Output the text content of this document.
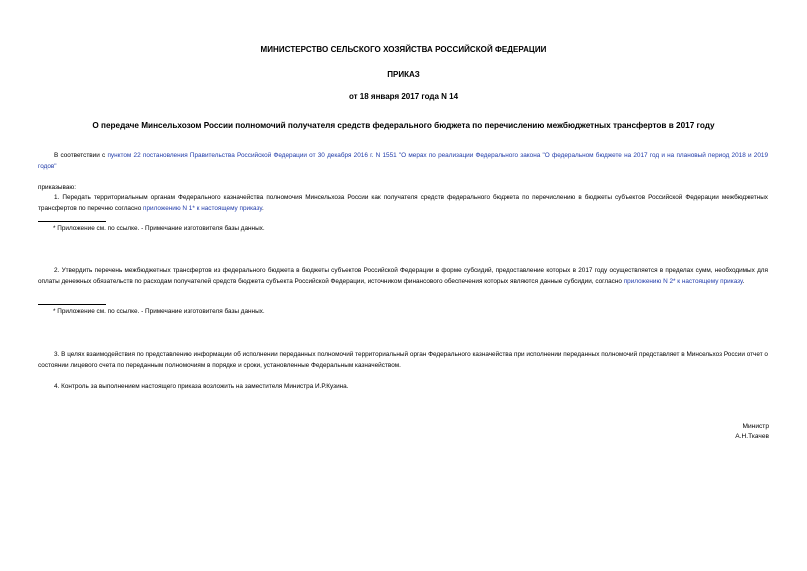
МИНИСТЕРСТВО СЕЛЬСКОГО ХОЗЯЙСТВА РОССИЙСКОЙ ФЕДЕРАЦИИ
ПРИКАЗ
от 18 января 2017 года N 14
О передаче Минсельхозом России полномочий получателя средств федерального бюджета по перечислению межбюджетных трансфертов в 2017 году
В соответствии с пунктом 22 постановления Правительства Российской Федерации от 30 декабря 2016 г. N 1551 "О мерах по реализации Федерального закона "О федеральном бюджете на 2017 год и на плановый период 2018 и 2019 годов"
приказываю:
1. Передать территориальным органам Федерального казначейства полномочия Минсельхоза России как получателя средств федерального бюджета по перечислению в бюджеты субъектов Российской Федерации межбюджетных трансфертов по перечню согласно приложению N 1* к настоящему приказу.
* Приложение см. по ссылке. - Примечание изготовителя базы данных.
2. Утвердить перечень межбюджетных трансфертов из федерального бюджета в бюджеты субъектов Российской Федерации в форме субсидий, предоставление которых в 2017 году осуществляется в пределах сумм, необходимых для оплаты денежных обязательств по расходам получателей средств бюджета субъекта Российской Федерации, источником финансового обеспечения которых являются данные субсидии, согласно приложению N 2* к настоящему приказу.
* Приложение см. по ссылке. - Примечание изготовителя базы данных.
3. В целях взаимодействия по представлению информации об исполнении переданных полномочий территориальный орган Федерального казначейства при исполнении переданных полномочий представляет в Минсельхоз России отчет о состоянии лицевого счета по переданным полномочиям в порядке и сроки, установленные Федеральным казначейством.
4. Контроль за выполнением настоящего приказа возложить на заместителя Министра И.Р.Кузина.
Министр
А.Н.Ткачев
